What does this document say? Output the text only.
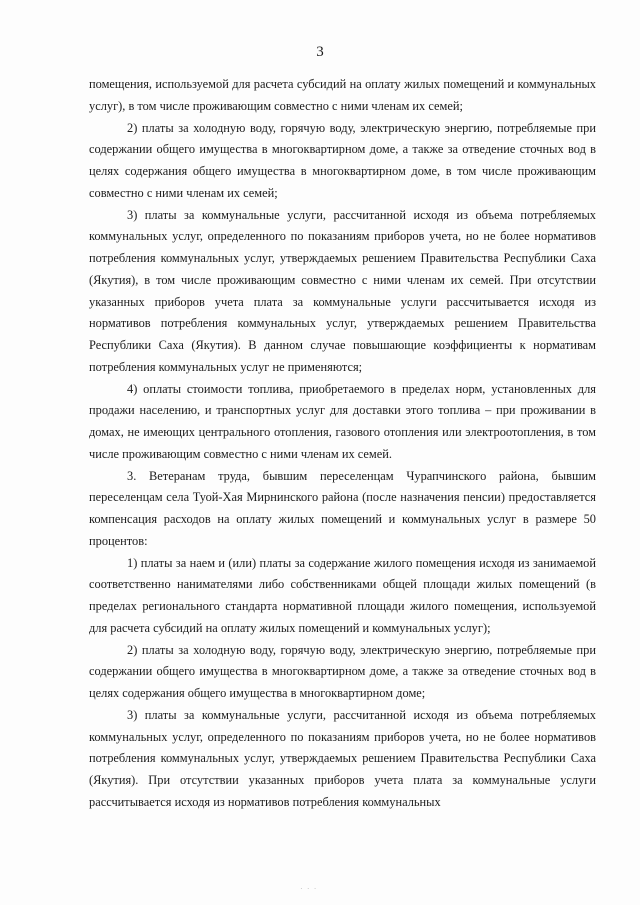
3

помещения, используемой для расчета субсидий на оплату жилых помещений и коммунальных услуг), в том числе проживающим совместно с ними членам их семей;

2) платы за холодную воду, горячую воду, электрическую энергию, потребляемые при содержании общего имущества в многоквартирном доме, а также за отведение сточных вод в целях содержания общего имущества в многоквартирном доме, в том числе проживающим совместно с ними членам их семей;

3) платы за коммунальные услуги, рассчитанной исходя из объема потребляемых коммунальных услуг, определенного по показаниям приборов учета, но не более нормативов потребления коммунальных услуг, утверждаемых решением Правительства Республики Саха (Якутия), в том числе проживающим совместно с ними членам их семей. При отсутствии указанных приборов учета плата за коммунальные услуги рассчитывается исходя из нормативов потребления коммунальных услуг, утверждаемых решением Правительства Республики Саха (Якутия). В данном случае повышающие коэффициенты к нормативам потребления коммунальных услуг не применяются;

4) оплаты стоимости топлива, приобретаемого в пределах норм, установленных для продажи населению, и транспортных услуг для доставки этого топлива – при проживании в домах, не имеющих центрального отопления, газового отопления или электроотопления, в том числе проживающим совместно с ними членам их семей.

3. Ветеранам труда, бывшим переселенцам Чурапчинского района, бывшим переселенцам села Туой-Хая Мирнинского района (после назначения пенсии) предоставляется компенсация расходов на оплату жилых помещений и коммунальных услуг в размере 50 процентов:

1) платы за наем и (или) платы за содержание жилого помещения исходя из занимаемой соответственно нанимателями либо собственниками общей площади жилых помещений (в пределах регионального стандарта нормативной площади жилого помещения, используемой для расчета субсидий на оплату жилых помещений и коммунальных услуг);

2) платы за холодную воду, горячую воду, электрическую энергию, потребляемые при содержании общего имущества в многоквартирном доме, а также за отведение сточных вод в целях содержания общего имущества в многоквартирном доме;

3) платы за коммунальные услуги, рассчитанной исходя из объема потребляемых коммунальных услуг, определенного по показаниям приборов учета, но не более нормативов потребления коммунальных услуг, утверждаемых решением Правительства Республики Саха (Якутия). При отсутствии указанных приборов учета плата за коммунальные услуги рассчитывается исходя из нормативов потребления коммунальных

· · ·
